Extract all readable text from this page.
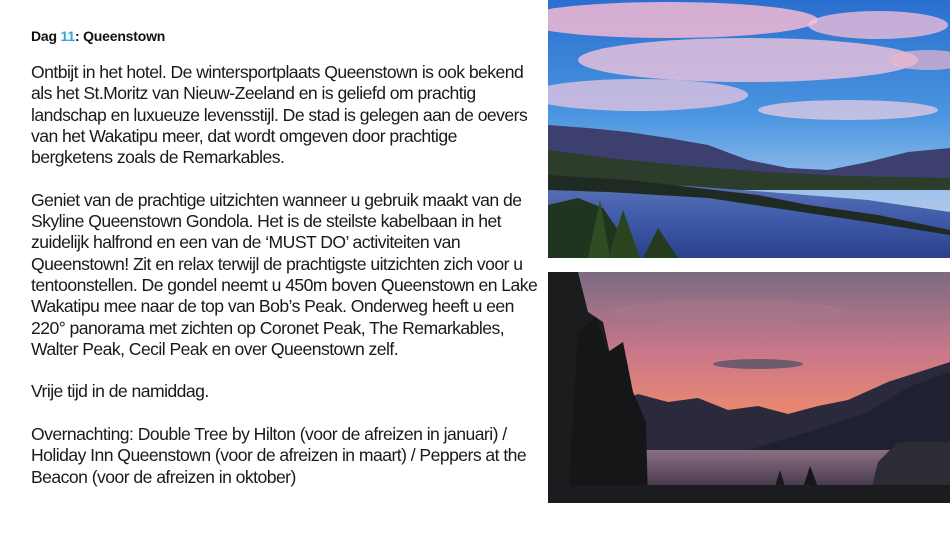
Dag 11: Queenstown

Ontbijt in het hotel. De wintersportplaats Queenstown is ook bekend als het St.Moritz van Nieuw-Zeeland en is geliefd om prachtig landschap en luxueuze levensstijl. De stad is gelegen aan de oevers van het Wakatipu meer, dat wordt omgeven door prachtige bergketens zoals de Remarkables.

Geniet van de prachtige uitzichten wanneer u gebruik maakt van de Skyline Queenstown Gondola. Het is de steilste kabelbaan in het zuidelijk halfrond en een van de ‘MUST DO’ activiteiten van Queenstown! Zit en relax terwijl de prachtigste uitzichten zich voor u tentoonstellen. De gondel neemt u 450m boven Queenstown en Lake Wakatipu mee naar de top van Bob’s Peak. Onderweg heeft u een 220° panorama met zichten op Coronet Peak, The Remarkables, Walter Peak, Cecil Peak en over Queenstown zelf.

Vrije tijd in de namiddag.

Overnachting: Double Tree by Hilton (voor de afreizen in januari) / Holiday Inn Queenstown (voor de afreizen in maart) / Peppers at the Beacon (voor de afreizen in oktober)
